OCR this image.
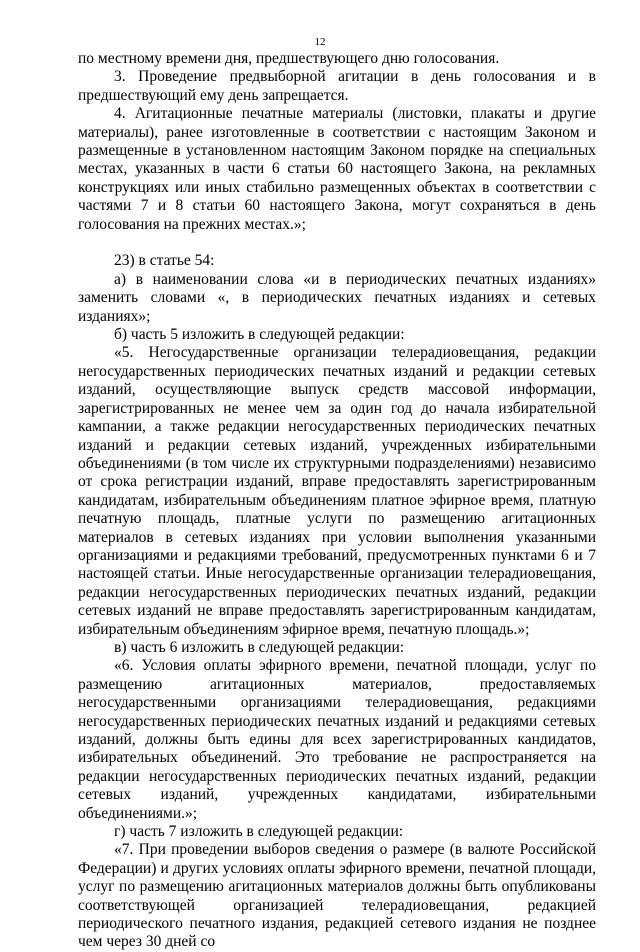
12

по местному времени дня, предшествующего дню голосования.

3. Проведение предвыборной агитации в день голосования и в предшествующий ему день запрещается.

4. Агитационные печатные материалы (листовки, плакаты и другие материалы), ранее изготовленные в соответствии с настоящим Законом и размещенные в установленном настоящим Законом порядке на специальных местах, указанных в части 6 статьи 60 настоящего Закона, на рекламных конструкциях или иных стабильно размещенных объектах в соответствии с частями 7 и 8 статьи 60 настоящего Закона, могут сохраняться в день голосования на прежних местах.»;

23) в статье 54:

а) в наименовании слова «и в периодических печатных изданиях» заменить словами «, в периодических печатных изданиях и сетевых изданиях»;

б) часть 5 изложить в следующей редакции:

«5. Негосударственные организации телерадиовещания, редакции негосударственных периодических печатных изданий и редакции сетевых изданий, осуществляющие выпуск средств массовой информации, зарегистрированных не менее чем за один год до начала избирательной кампании, а также редакции негосударственных периодических печатных изданий и редакции сетевых изданий, учрежденных избирательными объединениями (в том числе их структурными подразделениями) независимо от срока регистрации изданий, вправе предоставлять зарегистрированным кандидатам, избирательным объединениям платное эфирное время, платную печатную площадь, платные услуги по размещению агитационных материалов в сетевых изданиях при условии выполнения указанными организациями и редакциями требований, предусмотренных пунктами 6 и 7 настоящей статьи. Иные негосударственные организации телерадиовещания, редакции негосударственных периодических печатных изданий, редакции сетевых изданий не вправе предоставлять зарегистрированным кандидатам, избирательным объединениям эфирное время, печатную площадь.»;

в) часть 6 изложить в следующей редакции:

«6. Условия оплаты эфирного времени, печатной площади, услуг по размещению агитационных материалов, предоставляемых негосударственными организациями телерадиовещания, редакциями негосударственных периодических печатных изданий и редакциями сетевых изданий, должны быть едины для всех зарегистрированных кандидатов, избирательных объединений. Это требование не распространяется на редакции негосударственных периодических печатных изданий, редакции сетевых изданий, учрежденных кандидатами, избирательными объединениями.»;

г) часть 7 изложить в следующей редакции:

«7. При проведении выборов сведения о размере (в валюте Российской Федерации) и других условиях оплаты эфирного времени, печатной площади, услуг по размещению агитационных материалов должны быть опубликованы соответствующей организацией телерадиовещания, редакцией периодического печатного издания, редакцией сетевого издания не позднее чем через 30 дней со
